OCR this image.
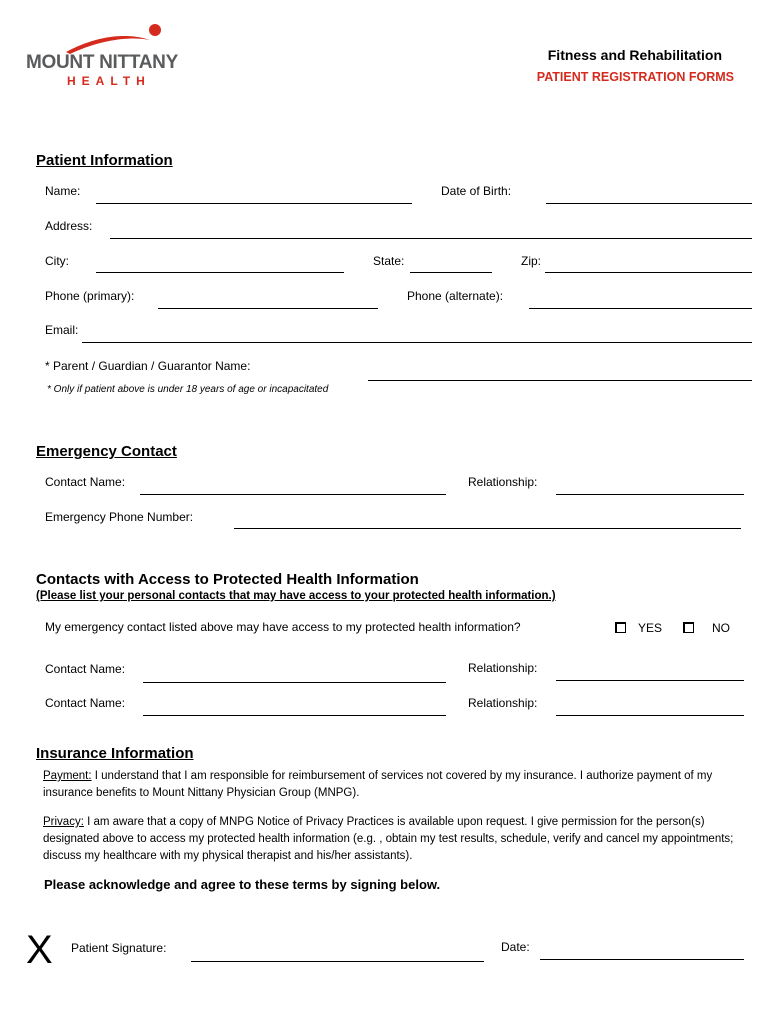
MOUNT NITTANY
HEALTH
Fitness and Rehabilitation
PATIENT REGISTRATION FORMS
Patient Information
Name:	Date of Birth:
Address:
City:	State:	Zip:
Phone (primary):	Phone (alternate):
Email:
* Parent / Guardian / Guarantor Name:
* Only if patient above is under 18 years of age or incapacitated
Emergency Contact
Contact Name:	Relationship:
Emergency Phone Number:
Contacts with Access to Protected Health Information
(Please list your personal contacts that may have access to your protected health information.)
My emergency contact listed above may have access to my protected health information?	YES	NO
Contact Name:	Relationship:
Contact Name:	Relationship:
Insurance Information
Payment: I understand that I am responsible for reimbursement of services not covered by my insurance. I authorize payment of my insurance benefits to Mount Nittany Physician Group (MNPG).
Privacy: I am aware that a copy of MNPG Notice of Privacy Practices is available upon request. I give permission for the person(s) designated above to access my protected health information (e.g. , obtain my test results, schedule, verify and cancel my appointments; discuss my healthcare with my physical therapist and his/her assistants).
Please acknowledge and agree to these terms by signing below.
X Patient Signature:	Date:
